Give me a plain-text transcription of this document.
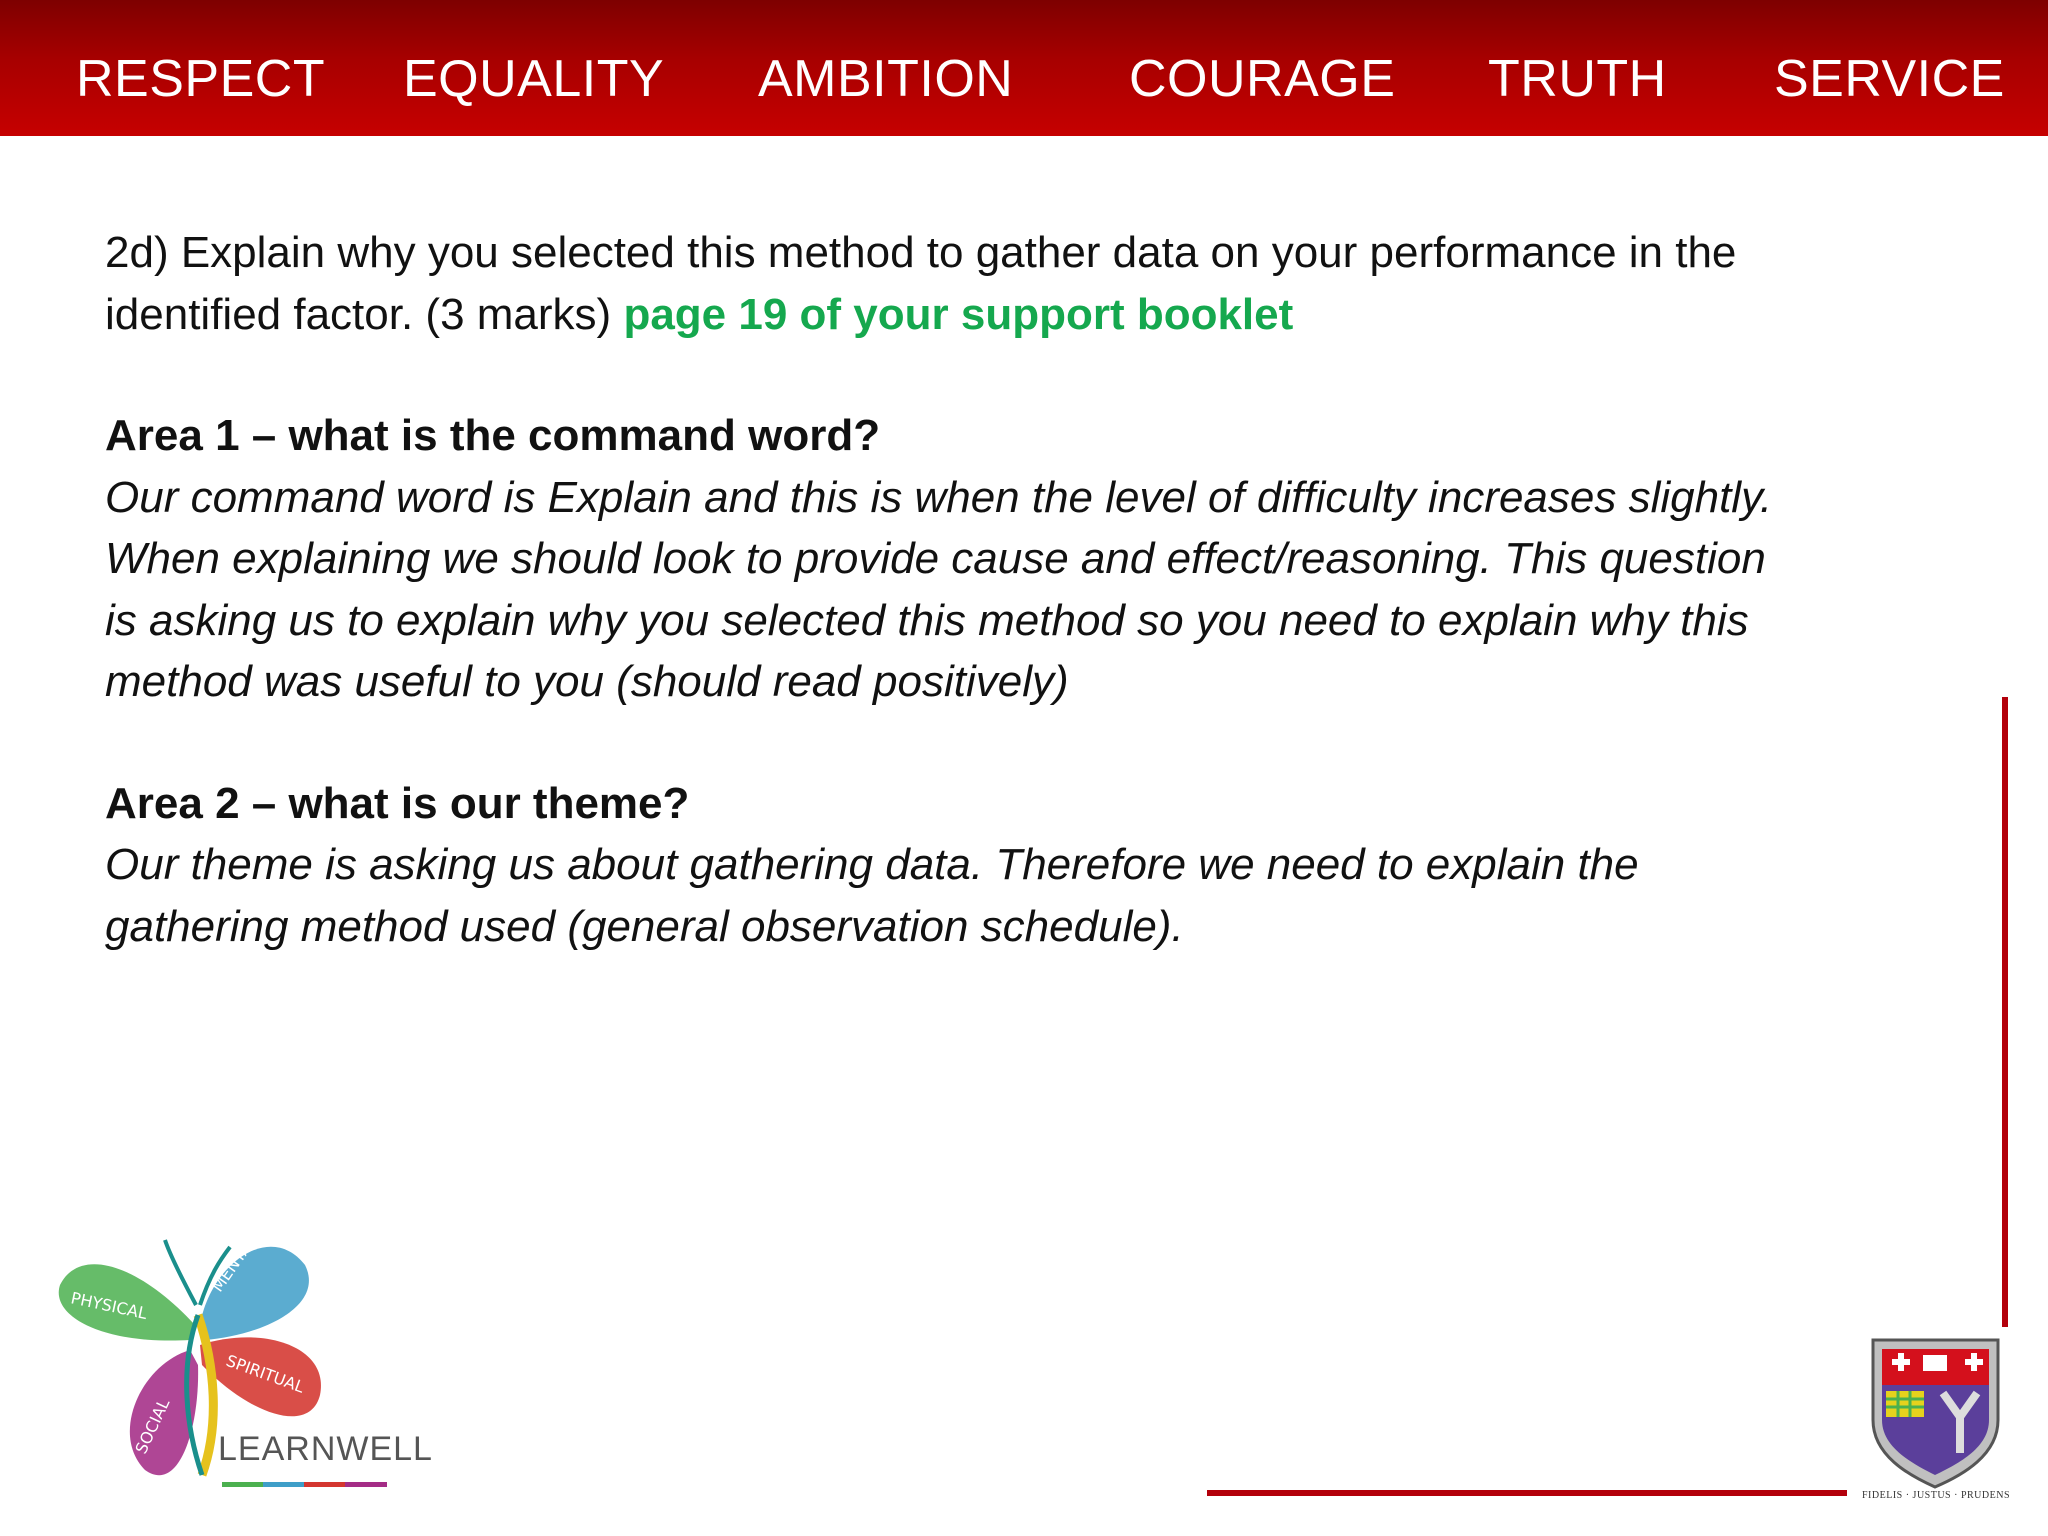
RESPECT EQUALITY AMBITION COURAGE TRUTH SERVICE

2d) Explain why you selected this method to gather data on your performance in the identified factor. (3 marks) page 19 of your support booklet

Area 1 – what is the command word?

Our command word is Explain and this is when the level of difficulty increases slightly. When explaining we should look to provide cause and effect/reasoning. This question is asking us to explain why you selected this method so you need to explain why this method was useful to you (should read positively)

Area 2 – what is our theme?

Our theme is asking us about gathering data. Therefore we need to explain the gathering method used (general observation schedule).

PHYSICAL
MENTAL
SPIRITUAL
SOCIAL LEARNWELL
FIDELIS · JUSTUS · PRUDENS
